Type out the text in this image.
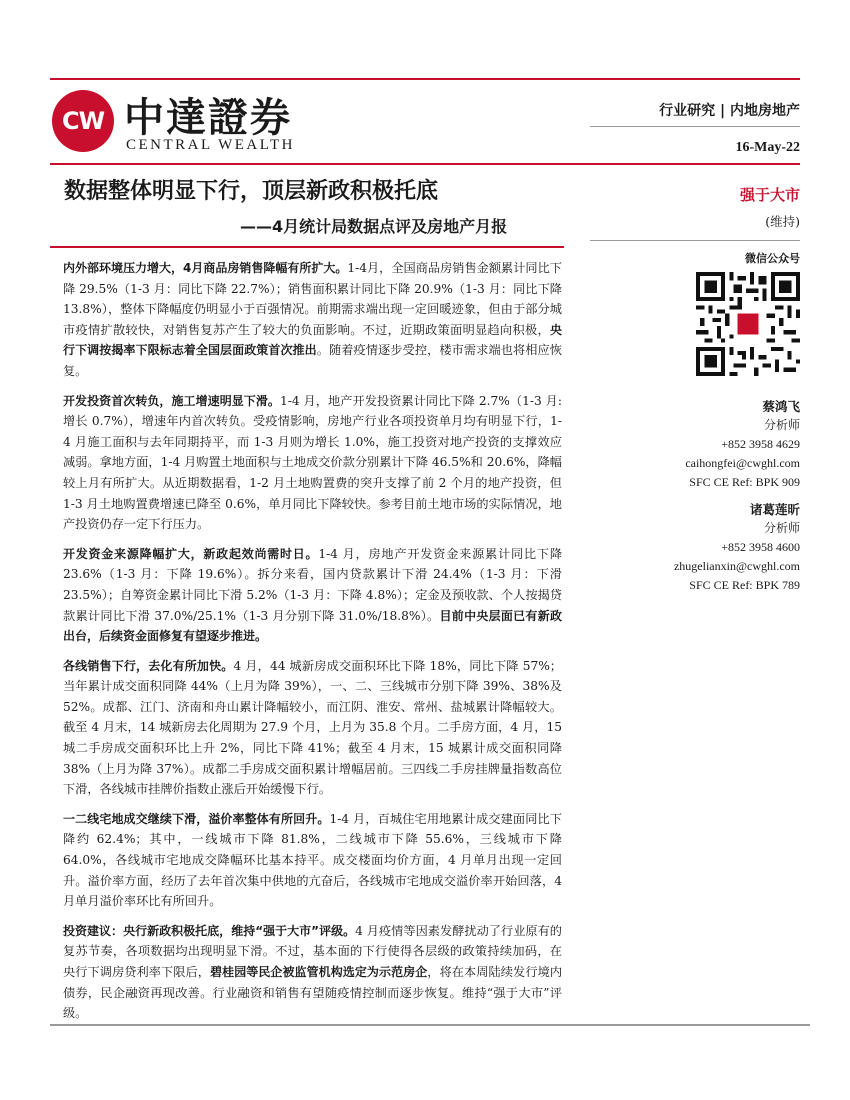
CW 中達證券
CENTRAL WEALTH
行业研究 | 内地房地产
16-May-22
数据整体明显下行，顶层新政积极托底
——4月统计局数据点评及房地产月报

内外部环境压力增大，4月商品房销售降幅有所扩大。1-4月，全国商品房销售金额累计同比下降 29.5%（1-3 月：同比下降 22.7%）；销售面积累计同比下降 20.9%（1-3 月：同比下降 13.8%），整体下降幅度仍明显小于百强情况。前期需求端出现一定回暖迹象，但由于部分城市疫情扩散较快，对销售复苏产生了较大的负面影响。不过，近期政策面明显趋向积极，央行下调按揭率下限标志着全国层面政策首次推出。随着疫情逐步受控，楼市需求端也将相应恢复。

开发投资首次转负，施工增速明显下滑。1-4 月，地产开发投资累计同比下降 2.7%（1-3 月:增长 0.7%），增速年内首次转负。受疫情影响，房地产行业各项投资单月均有明显下行，1-4 月施工面积与去年同期持平，而 1-3 月则为增长 1.0%，施工投资对地产投资的支撑效应减弱。拿地方面，1-4 月购置土地面积与土地成交价款分别累计下降 46.5%和 20.6%，降幅较上月有所扩大。从近期数据看，1-2 月土地购置费的突升支撑了前 2 个月的地产投资，但 1-3 月土地购置费增速已降至 0.6%，单月同比下降较快。参考目前土地市场的实际情况，地产投资仍存一定下行压力。

开发资金来源降幅扩大，新政起效尚需时日。1-4 月，房地产开发资金来源累计同比下降 23.6%（1-3 月：下降 19.6%）。拆分来看，国内贷款累计下滑 24.4%（1-3 月：下滑 23.5%）；自筹资金累计同比下滑 5.2%（1-3 月：下降 4.8%）；定金及预收款、个人按揭贷款累计同比下滑 37.0%/25.1%（1-3 月分别下降 31.0%/18.8%）。目前中央层面已有新政出台，后续资金面修复有望逐步推进。

各线销售下行，去化有所加快。4 月，44 城新房成交面积环比下降 18%，同比下降 57%；当年累计成交面积同降 44%（上月为降 39%），一、二、三线城市分别下降 39%、38%及 52%。成都、江门、济南和舟山累计降幅较小，而江阴、淮安、常州、盐城累计降幅较大。截至 4 月末，14 城新房去化周期为 27.9 个月，上月为 35.8 个月。二手房方面，4 月，15 城二手房成交面积环比上升 2%，同比下降 41%；截至 4 月末，15 城累计成交面积同降 38%（上月为降 37%）。成都二手房成交面积累计增幅居前。三四线二手房挂牌量指数高位下滑，各线城市挂牌价指数止涨后开始缓慢下行。

一二线宅地成交继续下滑，溢价率整体有所回升。1-4 月，百城住宅用地累计成交建面同比下降约 62.4%；其中，一线城市下降 81.8%，二线城市下降 55.6%，三线城市下降 64.0%，各线城市宅地成交降幅环比基本持平。成交楼面均价方面，4 月单月出现一定回升。溢价率方面，经历了去年首次集中供地的亢奋后，各线城市宅地成交溢价率开始回落，4 月单月溢价率环比有所回升。

投资建议：央行新政积极托底，维持“强于大市”评级。4 月疫情等因素发酵扰动了行业原有的复苏节奏，各项数据均出现明显下滑。不过，基本面的下行使得各层级的政策持续加码，在央行下调房贷利率下限后，碧桂园等民企被监管机构选定为示范房企，将在本周陆续发行境内债券，民企融资再现改善。行业融资和销售有望随疫情控制而逐步恢复。维持“强于大市”评级。

强于大市
(维持)
微信公众号
蔡鸿飞
分析师
+852 3958 4629
caihongfei@cwghl.com
SFC CE Ref: BPK 909
诸葛莲昕
分析师
+852 3958 4600
zhugelianxin@cwghl.com
SFC CE Ref: BPK 789
